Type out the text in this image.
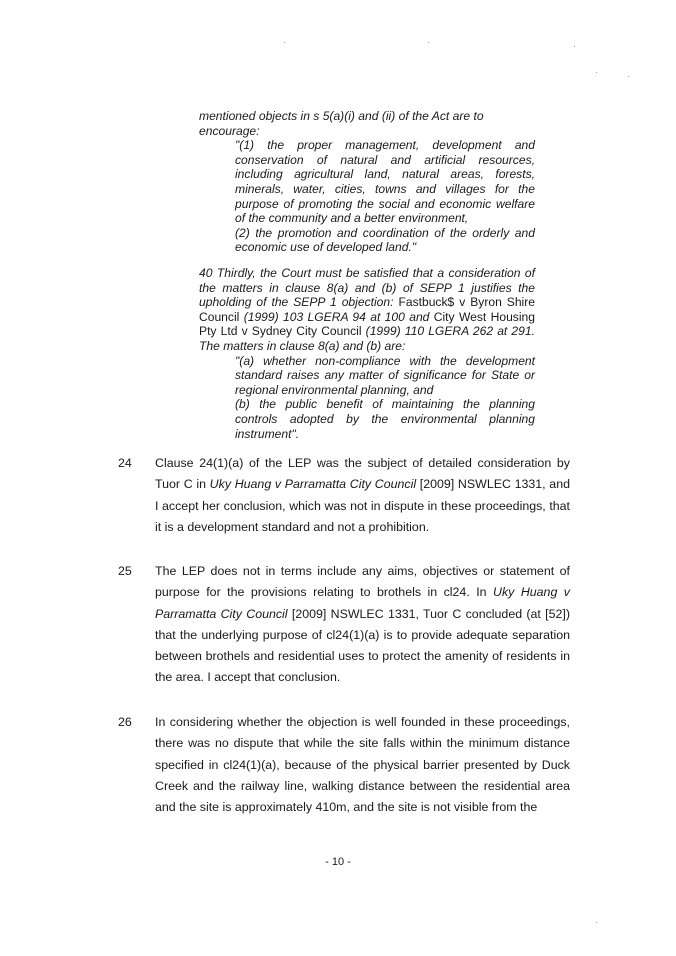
mentioned objects in s 5(a)(i) and (ii) of the Act are to
encourage:
"(1) the proper management, development and conservation of natural and artificial resources, including agricultural land, natural areas, forests, minerals, water, cities, towns and villages for the purpose of promoting the social and economic welfare of the community and a better environment,
(2) the promotion and coordination of the orderly and economic use of developed land."
40 Thirdly, the Court must be satisfied that a consideration of the matters in clause 8(a) and (b) of SEPP 1 justifies the upholding of the SEPP 1 objection: Fastbuck$ v Byron Shire Council (1999) 103 LGERA 94 at 100 and City West Housing Pty Ltd v Sydney City Council (1999) 110 LGERA 262 at 291. The matters in clause 8(a) and (b) are:
"(a) whether non-compliance with the development standard raises any matter of significance for State or regional environmental planning, and
(b) the public benefit of maintaining the planning controls adopted by the environmental planning instrument".
24 Clause 24(1)(a) of the LEP was the subject of detailed consideration by Tuor C in Uky Huang v Parramatta City Council [2009] NSWLEC 1331, and I accept her conclusion, which was not in dispute in these proceedings, that it is a development standard and not a prohibition.
25 The LEP does not in terms include any aims, objectives or statement of purpose for the provisions relating to brothels in cl24. In Uky Huang v Parramatta City Council [2009] NSWLEC 1331, Tuor C concluded (at [52]) that the underlying purpose of cl24(1)(a) is to provide adequate separation between brothels and residential uses to protect the amenity of residents in the area. I accept that conclusion.
26 In considering whether the objection is well founded in these proceedings, there was no dispute that while the site falls within the minimum distance specified in cl24(1)(a), because of the physical barrier presented by Duck Creek and the railway line, walking distance between the residential area and the site is approximately 410m, and the site is not visible from the
- 10 -
